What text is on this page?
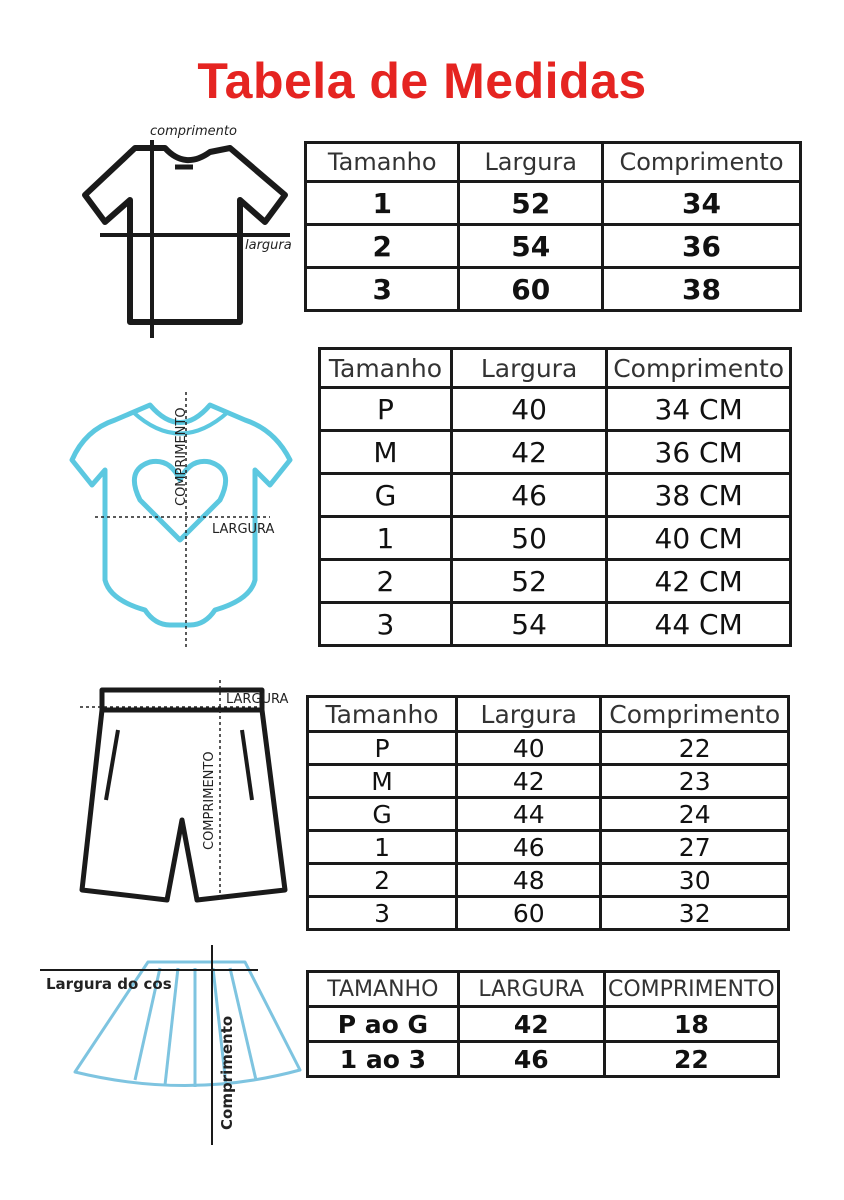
Tabela de Medidas
comprimento
largura
COMPRIMENTO
LARGURA
LARGURA
COMPRIMENTO
Largura do cos
Comprimento
Tamanho	Largura	Comprimento
1	52	34
2	54	36
3	60	38
Tamanho	Largura	Comprimento
P	40	34 CM
M	42	36 CM
G	46	38 CM
1	50	40 CM
2	52	42 CM
3	54	44 CM
Tamanho	Largura	Comprimento
P	40	22
M	42	23
G	44	24
1	46	27
2	48	30
3	60	32
TAMANHO	LARGURA	COMPRIMENTO
P ao G	42	18
1 ao 3	46	22
